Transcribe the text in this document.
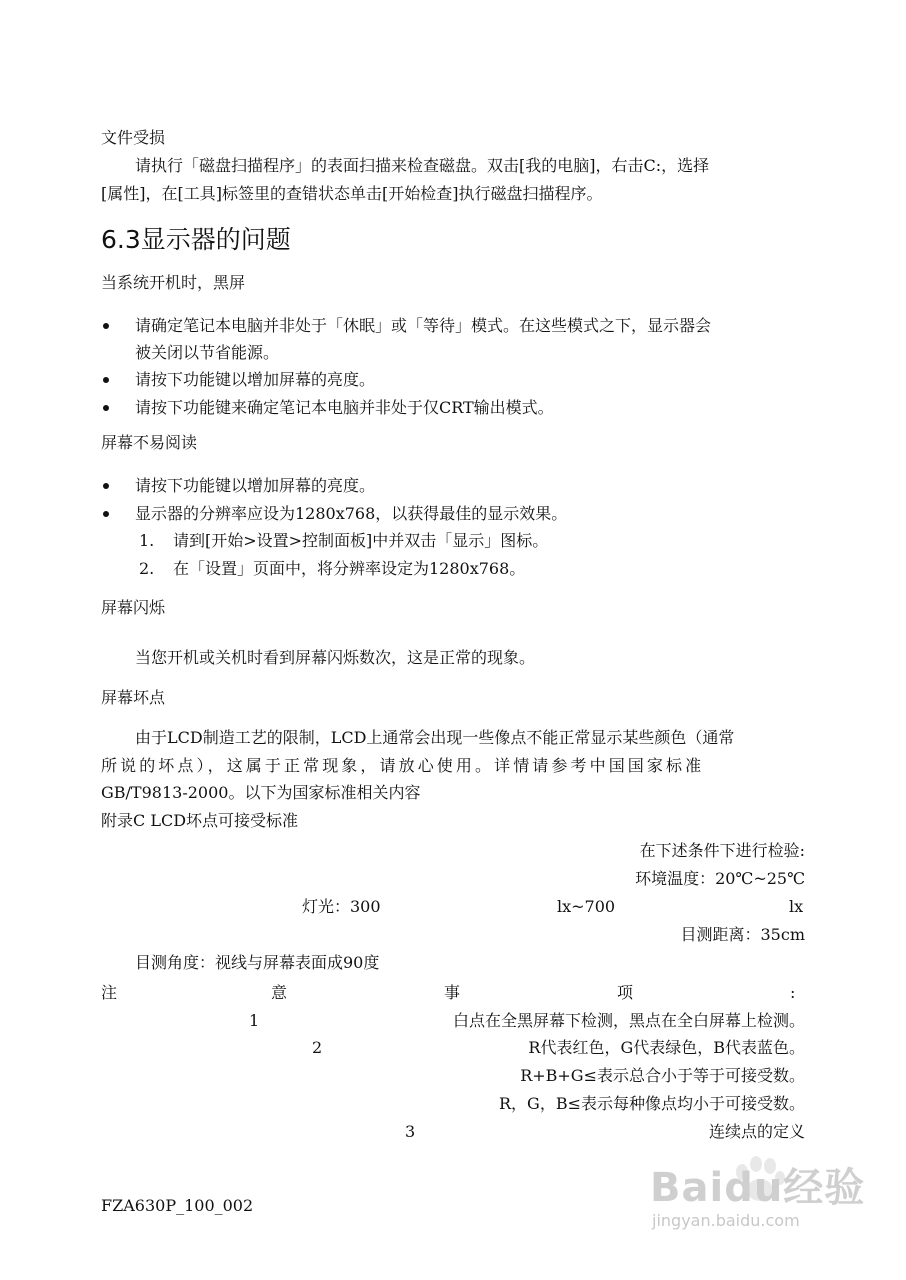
文件受损
请执行「磁盘扫描程序」的表面扫描来检查磁盘。双击[我的电脑]，右击C:，选择
[属性]，在[工具]标签里的查错状态单击[开始检查]执行磁盘扫描程序。
6.3显示器的问题
当系统开机时，黑屏
请确定笔记本电脑并非处于「休眠」或「等待」模式。在这些模式之下，显示器会
被关闭以节省能源。
请按下功能键以增加屏幕的亮度。
请按下功能键来确定笔记本电脑并非处于仅CRT输出模式。
屏幕不易阅读
请按下功能键以增加屏幕的亮度。
显示器的分辨率应设为1280x768，以获得最佳的显示效果。
1. 请到[开始>设置>控制面板]中并双击「显示」图标。
2. 在「设置」页面中，将分辨率设定为1280x768。
屏幕闪烁
当您开机或关机时看到屏幕闪烁数次，这是正常的现象。
屏幕坏点
由于LCD制造工艺的限制，LCD上通常会出现一些像点不能正常显示某些颜色（通常
所说的坏点），这属于正常现象，请放心使用。详情请参考中国国家标准
GB/T9813-2000。以下为国家标准相关内容
附录C LCD坏点可接受标准
在下述条件下进行检验:
环境温度：20℃~25℃
灯光：300	lx~700	lx
目测距离：35cm
目测角度：视线与屏幕表面成90度
注	意	事	项	:
1	白点在全黑屏幕下检测，黑点在全白屏幕上检测。
2	R代表红色，G代表绿色，B代表蓝色。
R+B+G≤表示总合小于等于可接受数。
R，G，B≤表示每种像点均小于可接受数。
3	连续点的定义
FZA630P_100_002	Baidu经验
jingyan.baidu.com
